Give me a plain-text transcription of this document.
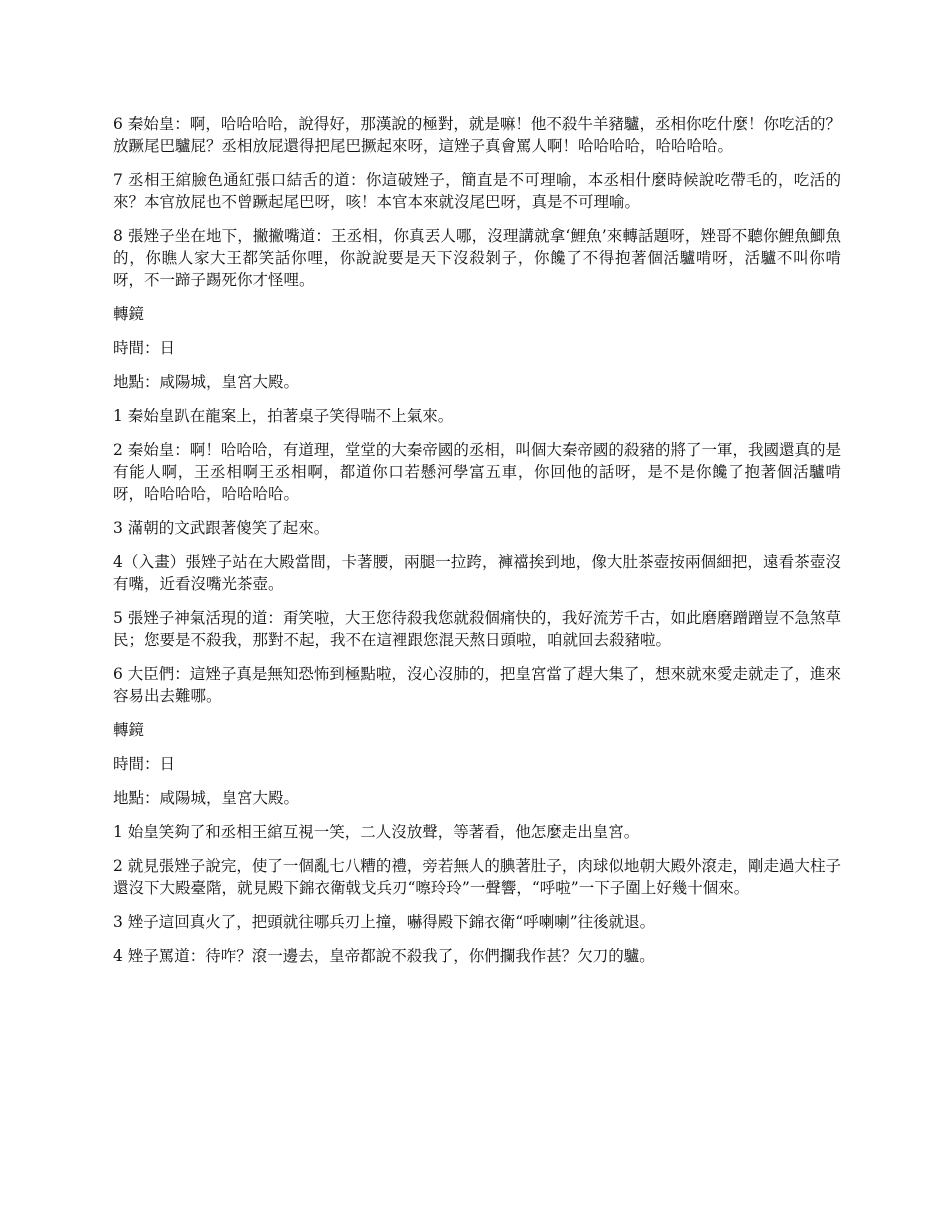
6 秦始皇：啊，哈哈哈哈，說得好，那漢說的極對，就是嘛！他不殺牛羊豬驢，丞相你吃什麼！你吃活的？放蹶尾巴驢屁？丞相放屁還得把尾巴撅起來呀，這矬子真會罵人啊！哈哈哈哈，哈哈哈哈。

7 丞相王綰臉色通紅張口結舌的道：你這破矬子，簡直是不可理喻，本丞相什麼時候說吃帶毛的，吃活的來？本官放屁也不曾蹶起尾巴呀，咳！本官本來就沒尾巴呀，真是不可理喻。

8 張矬子坐在地下，撇撇嘴道：王丞相，你真丟人哪，沒理講就拿‘鯉魚’來轉話題呀，矬哥不聽你鯉魚鯽魚的，你瞧人家大王都笑話你哩，你說說要是天下沒殺剝子，你饞了不得抱著個活驢啃呀，活驢不叫你啃呀，不一蹄子踢死你才怪哩。

轉鏡

時間：日

地點：咸陽城，皇宮大殿。

1 秦始皇趴在龍案上，拍著桌子笑得喘不上氣來。

2 秦始皇：啊！哈哈哈，有道理，堂堂的大秦帝國的丞相，叫個大秦帝國的殺豬的將了一軍，我國還真的是有能人啊，王丞相啊王丞相啊，都道你口若懸河學富五車，你回他的話呀，是不是你饞了抱著個活驢啃呀，哈哈哈哈，哈哈哈哈。

3 滿朝的文武跟著傻笑了起來。

4（入畫）張矬子站在大殿當間，卡著腰，兩腿一拉跨，褲襠挨到地，像大肚茶壺按兩個細把，遠看茶壺沒有嘴，近看沒嘴光茶壺。

5 張矬子神氣活現的道：甭笑啦，大王您待殺我您就殺個痛快的，我好流芳千古，如此磨磨蹭蹭豈不急煞草民；您要是不殺我，那對不起，我不在這裡跟您混天熬日頭啦，咱就回去殺豬啦。

6 大臣們：這矬子真是無知恐怖到極點啦，沒心沒肺的，把皇宮當了趕大集了，想來就來愛走就走了，進來容易出去難哪。

轉鏡

時間：日

地點：咸陽城，皇宮大殿。

1 始皇笑夠了和丞相王綰互視一笑，二人沒放聲，等著看，他怎麼走出皇宮。

2 就見張矬子說完，使了一個亂七八糟的禮，旁若無人的腆著肚子，肉球似地朝大殿外滾走，剛走過大柱子還沒下大殿臺階，就見殿下錦衣衛戟戈兵刃“嚓玲玲”一聲響，“呼啦”一下子圍上好幾十個來。

3 矬子這回真火了，把頭就往哪兵刃上撞，嚇得殿下錦衣衛“呼喇喇”往後就退。

4 矬子罵道：待咋？滾一邊去，皇帝都說不殺我了，你們攔我作甚？欠刀的驢。
